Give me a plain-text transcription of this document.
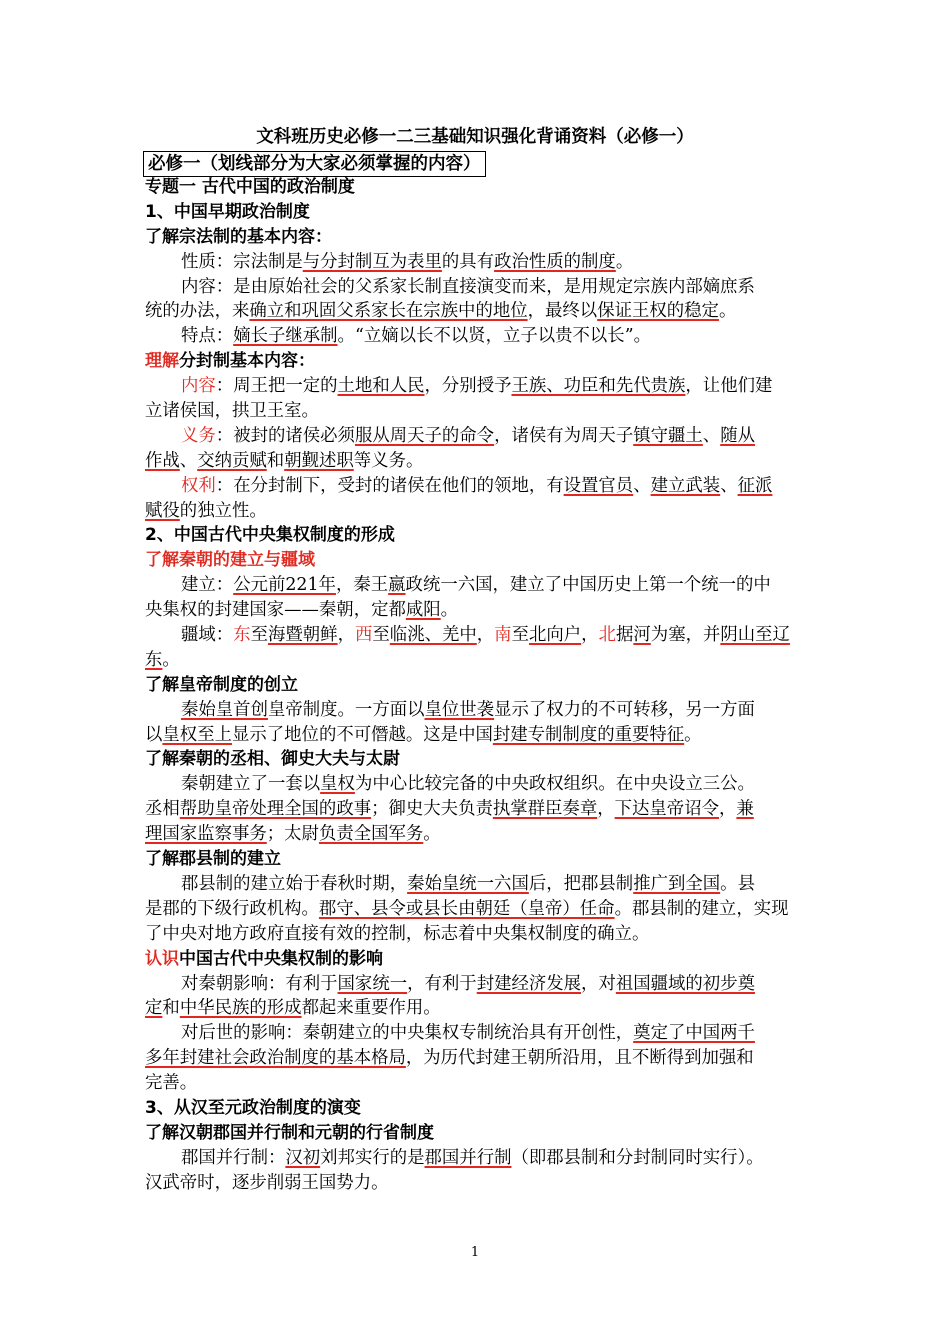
文科班历史必修一二三基础知识强化背诵资料（必修一）
必修一（划线部分为大家必须掌握的内容）
专题一 古代中国的政治制度
1、中国早期政治制度
了解宗法制的基本内容：
性质：宗法制是与分封制互为表里的具有政治性质的制度。
内容：是由原始社会的父系家长制直接演变而来，是用规定宗族内部嫡庶系
统的办法，来确立和巩固父系家长在宗族中的地位，最终以保证王权的稳定。
特点：嫡长子继承制。“立嫡以长不以贤，立子以贵不以长”。
理解分封制基本内容：
内容：周王把一定的土地和人民，分别授予王族、功臣和先代贵族，让他们建
立诸侯国，拱卫王室。
义务：被封的诸侯必须服从周天子的命令，诸侯有为周天子镇守疆土、随从
作战、交纳贡赋和朝觐述职等义务。
权利：在分封制下，受封的诸侯在他们的领地，有设置官员、建立武装、征派
赋役的独立性。
2、中国古代中央集权制度的形成
了解秦朝的建立与疆域
建立：公元前221年，秦王嬴政统一六国，建立了中国历史上第一个统一的中
央集权的封建国家——秦朝，定都咸阳。
疆域：东至海暨朝鲜，西至临洮、羌中，南至北向户，北据河为塞，并阴山至辽
东。
了解皇帝制度的创立
秦始皇首创皇帝制度。一方面以皇位世袭显示了权力的不可转移，另一方面
以皇权至上显示了地位的不可僭越。这是中国封建专制制度的重要特征。
了解秦朝的丞相、御史大夫与太尉
秦朝建立了一套以皇权为中心比较完备的中央政权组织。在中央设立三公。
丞相帮助皇帝处理全国的政事；御史大夫负责执掌群臣奏章，下达皇帝诏令，兼
理国家监察事务；太尉负责全国军务。
了解郡县制的建立
郡县制的建立始于春秋时期，秦始皇统一六国后，把郡县制推广到全国。县
是郡的下级行政机构。郡守、县令或县长由朝廷（皇帝）任命。郡县制的建立，实现
了中央对地方政府直接有效的控制，标志着中央集权制度的确立。
认识中国古代中央集权制的影响
对秦朝影响：有利于国家统一，有利于封建经济发展，对祖国疆域的初步奠
定和中华民族的形成都起来重要作用。
对后世的影响：秦朝建立的中央集权专制统治具有开创性，奠定了中国两千
多年封建社会政治制度的基本格局，为历代封建王朝所沿用，且不断得到加强和
完善。
3、从汉至元政治制度的演变
了解汉朝郡国并行制和元朝的行省制度
郡国并行制：汉初刘邦实行的是郡国并行制（即郡县制和分封制同时实行）。
汉武帝时，逐步削弱王国势力。
1
